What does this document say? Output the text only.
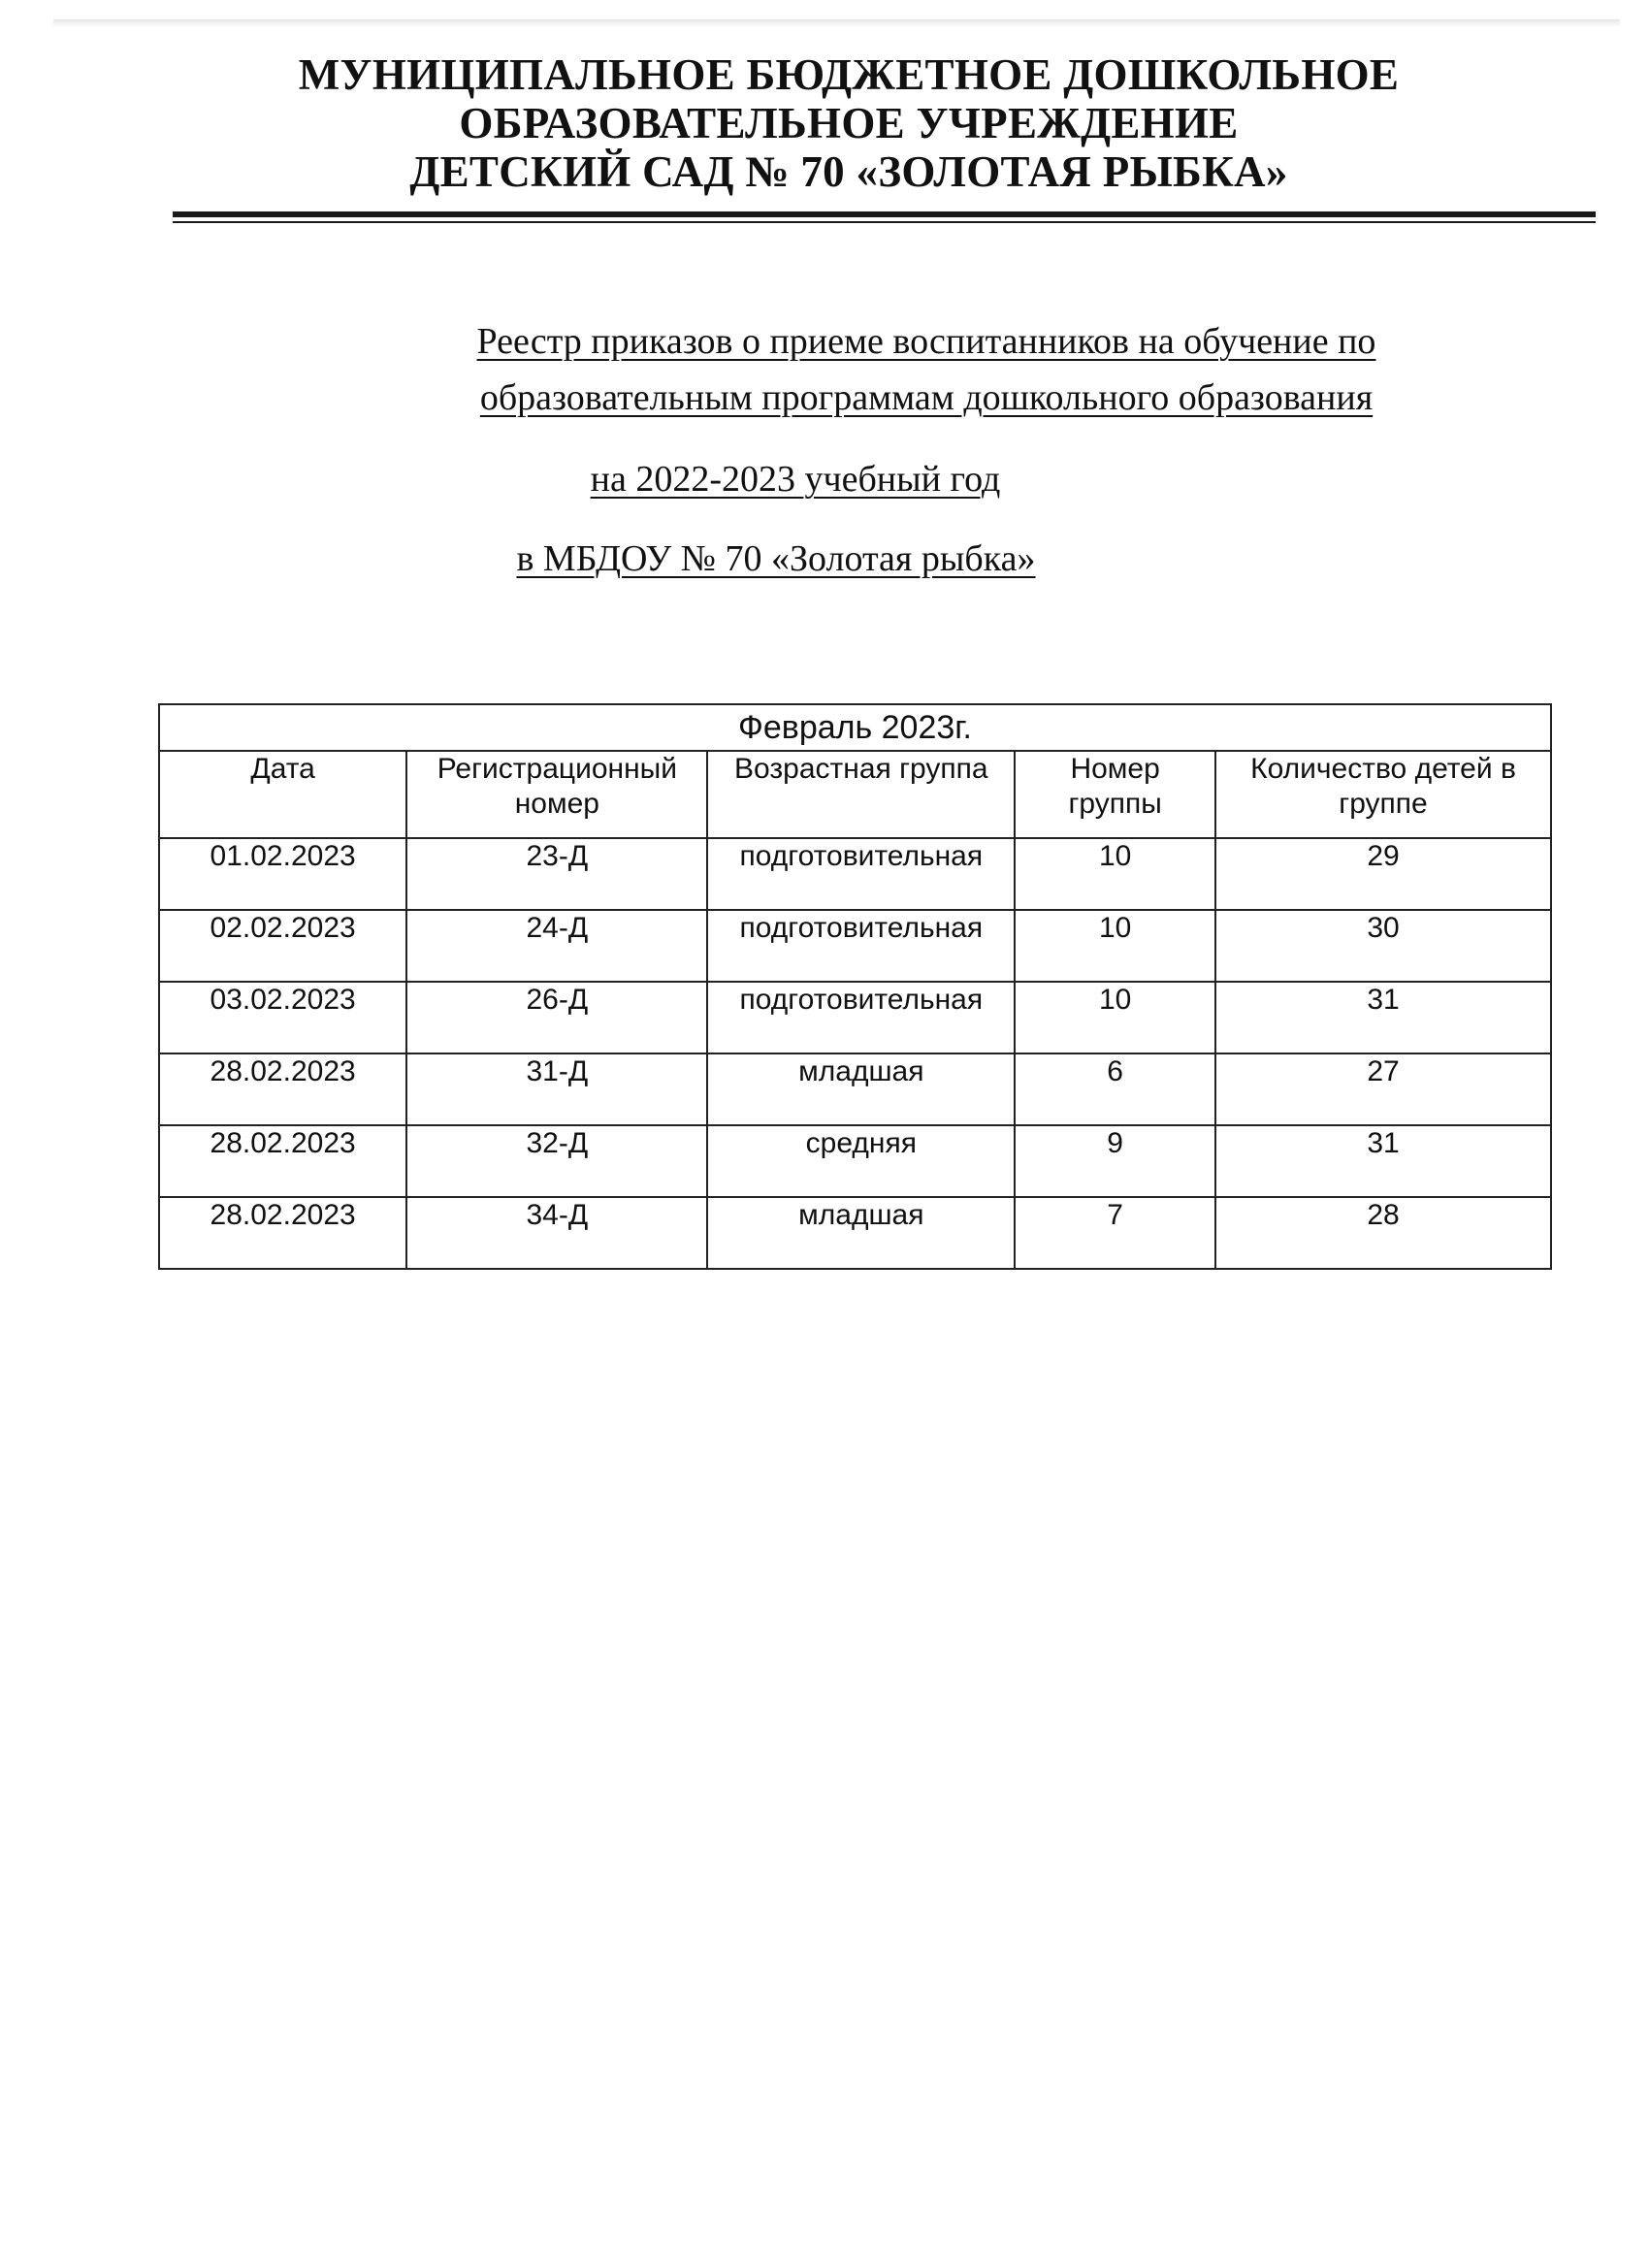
МУНИЦИПАЛЬНОЕ БЮДЖЕТНОЕ ДОШКОЛЬНОЕ
ОБРАЗОВАТЕЛЬНОЕ УЧРЕЖДЕНИЕ
ДЕТСКИЙ САД № 70 «ЗОЛОТАЯ РЫБКА»
Реестр приказов о приеме воспитанников на обучение по
образовательным программам дошкольного образования
на 2022-2023 учебный год
в МБДОУ № 70 «Золотая рыбка»
Февраль 2023г.				
Дата	Регистрационный номер	Возрастная группа	Номер группы	Количество детей в группе
01.02.2023	23-Д	подготовительная	10	29
02.02.2023	24-Д	подготовительная	10	30
03.02.2023	26-Д	подготовительная	10	31
28.02.2023	31-Д	младшая	6	27
28.02.2023	32-Д	средняя	9	31
28.02.2023	34-Д	младшая	7	28
